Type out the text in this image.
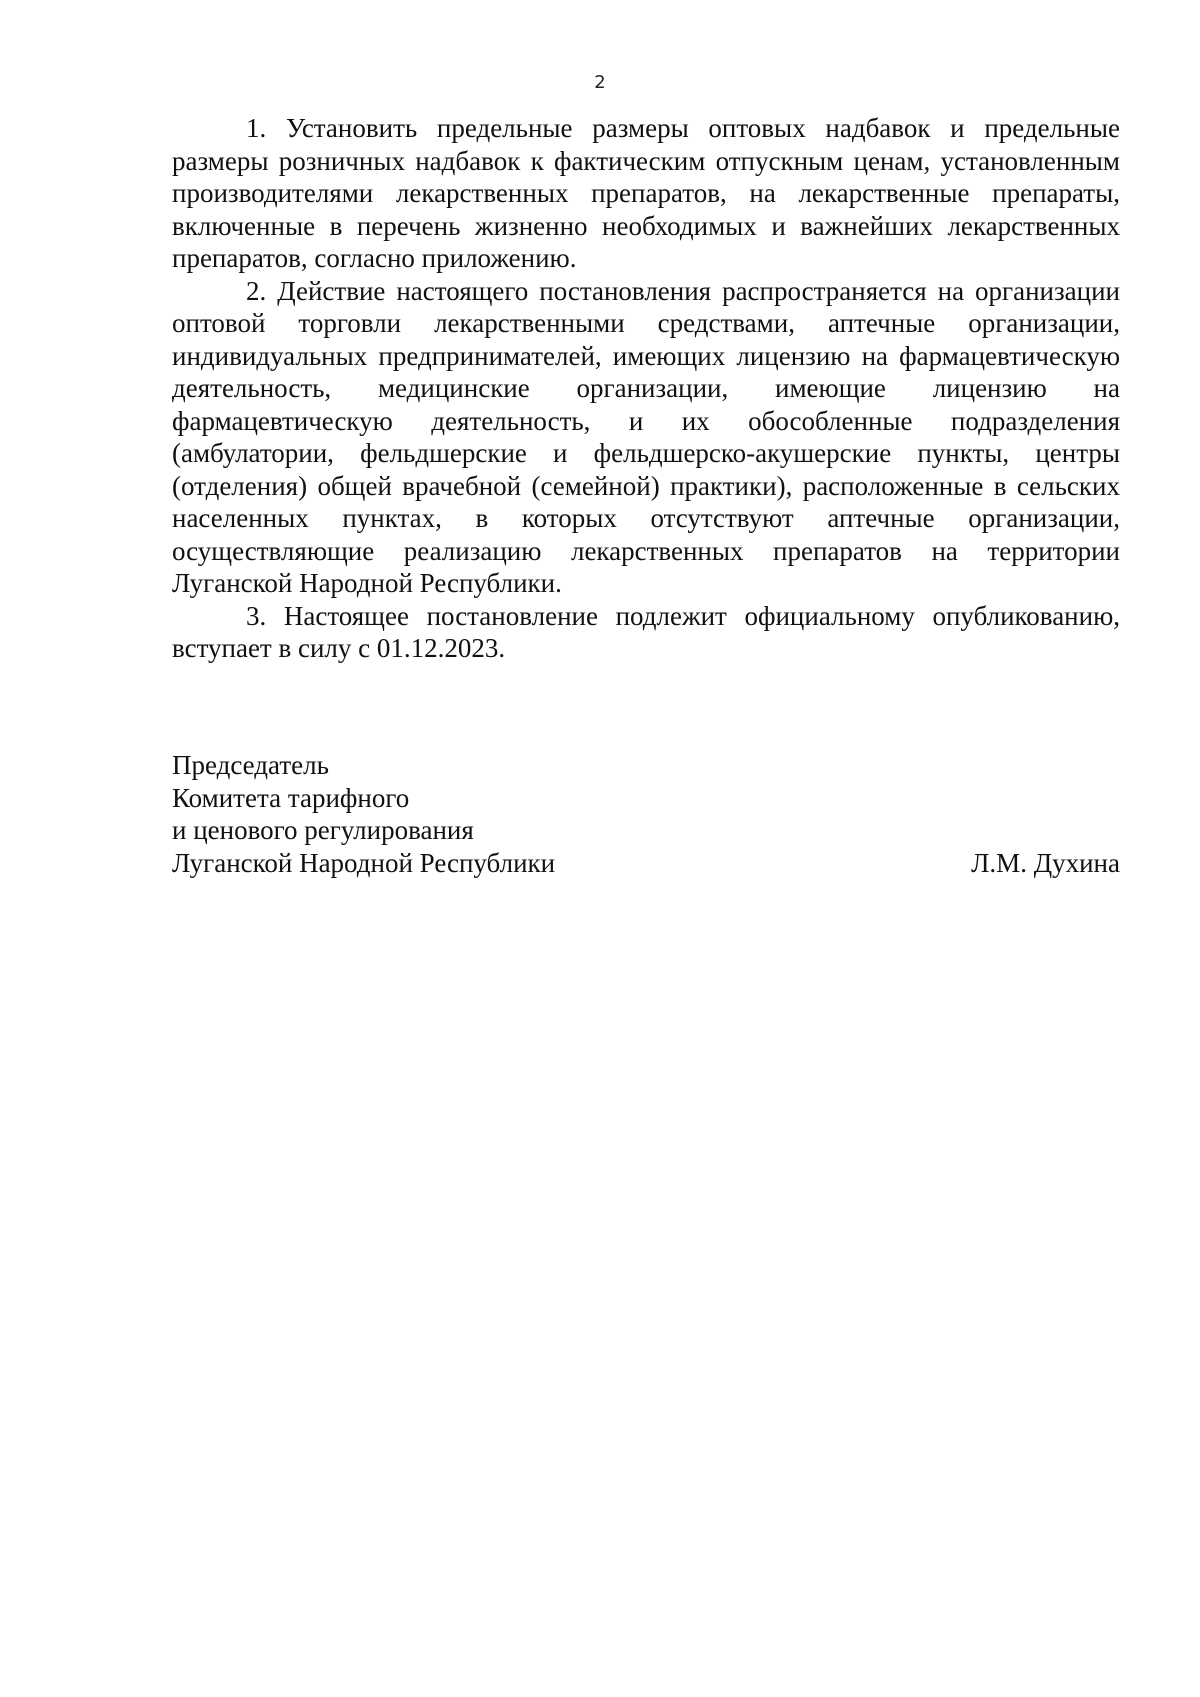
2

1. Установить предельные размеры оптовых надбавок и предельные размеры розничных надбавок к фактическим отпускным ценам, установленным производителями лекарственных препаратов, на лекарственные препараты, включенные в перечень жизненно необходимых и важнейших лекарственных препаратов, согласно приложению.

2. Действие настоящего постановления распространяется на организации оптовой торговли лекарственными средствами, аптечные организации, индивидуальных предпринимателей, имеющих лицензию на фармацевтическую деятельность, медицинские организации, имеющие лицензию на фармацевтическую деятельность, и их обособленные подразделения (амбулатории, фельдшерские и фельдшерско-акушерские пункты, центры (отделения) общей врачебной (семейной) практики), расположенные в сельских населенных пунктах, в которых отсутствуют аптечные организации, осуществляющие реализацию лекарственных препаратов на территории Луганской Народной Республики.

3. Настоящее постановление подлежит официальному опубликованию, вступает в силу с 01.12.2023.

Председатель
Комитета тарифного
и ценового регулирования
Луганской Народной Республики	Л.М. Духина
